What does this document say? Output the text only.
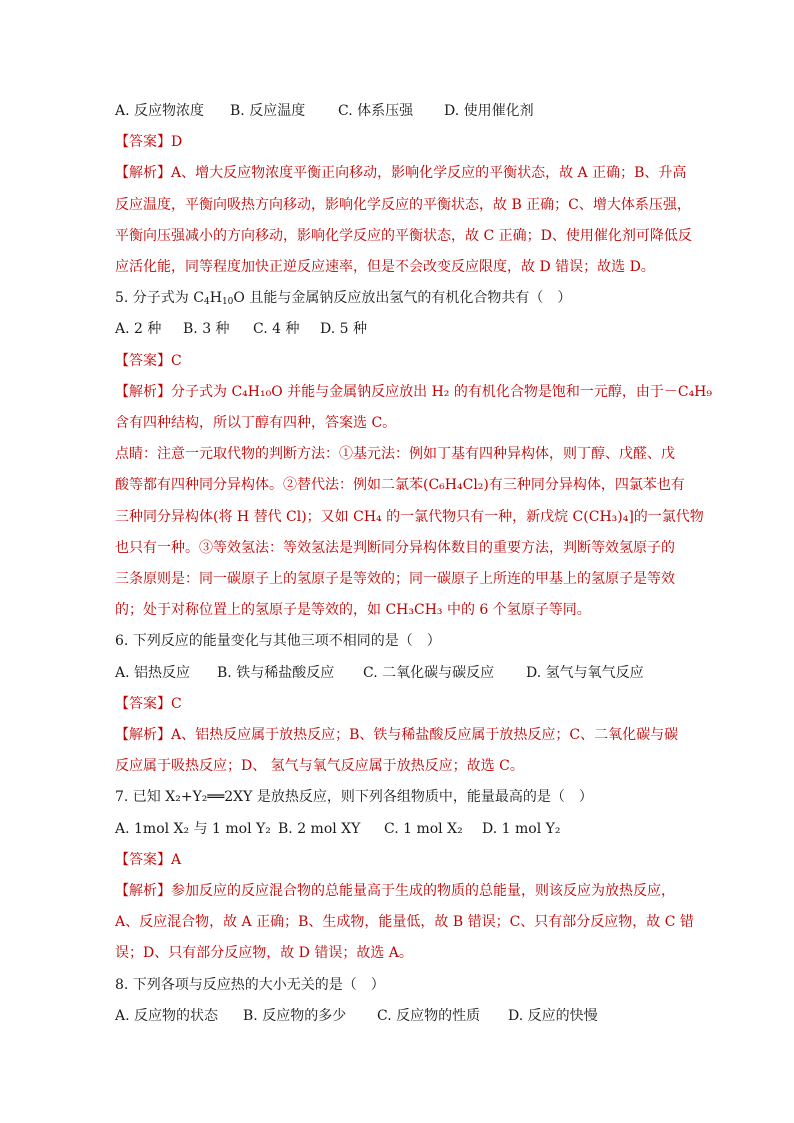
A. 反应物浓度 B. 反应温度 C. 体系压强 D. 使用催化剂
【答案】D
【解析】A、增大反应物浓度平衡正向移动，影响化学反应的平衡状态，故 A 正确；B、升高
反应温度，平衡向吸热方向移动，影响化学反应的平衡状态，故 B 正确；C、增大体系压强，
平衡向压强减小的方向移动，影响化学反应的平衡状态，故 C 正确；D、使用催化剂可降低反
应活化能，同等程度加快正逆反应速率，但是不会改变反应限度，故 D 错误；故选 D。
5. 分子式为 $C_4H_{10}O$ 且能与金属钠反应放出氢气的有机化合物共有（　）
A. 2 种 B. 3 种 C. 4 种 D. 5 种
【答案】C
【解析】分子式为 C₄H₁₀O 并能与金属钠反应放出 H₂ 的有机化合物是饱和一元醇，由于－C₄H₉
含有四种结构，所以丁醇有四种，答案选 C。
点睛：注意一元取代物的判断方法：①基元法：例如丁基有四种异构体，则丁醇、戊醛、戊
酸等都有四种同分异构体。②替代法：例如二氯苯(C₆H₄Cl₂)有三种同分异构体，四氯苯也有
三种同分异构体(将 H 替代 Cl)；又如 CH₄ 的一氯代物只有一种，新戊烷 C(CH₃)₄]的一氯代物
也只有一种。③等效氢法：等效氢法是判断同分异构体数目的重要方法，判断等效氢原子的
三条原则是：同一碳原子上的氢原子是等效的；同一碳原子上所连的甲基上的氢原子是等效
的；处于对称位置上的氢原子是等效的，如 CH₃CH₃ 中的 6 个氢原子等同。
6. 下列反应的能量变化与其他三项不相同的是（　）
A. 铝热反应 B. 铁与稀盐酸反应 C. 二氧化碳与碳反应 D. 氢气与氧气反应
【答案】C
【解析】A、铝热反应属于放热反应；B、铁与稀盐酸反应属于放热反应；C、二氧化碳与碳
反应属于吸热反应；D、 氢气与氧气反应属于放热反应；故选 C。
7. 已知 X₂+Y₂══2XY 是放热反应，则下列各组物质中，能量最高的是（　）
A. 1mol X₂ 与 1 mol Y₂ B. 2 mol XY C. 1 mol X₂ D. 1 mol Y₂
【答案】A
【解析】参加反应的反应混合物的总能量高于生成的物质的总能量，则该反应为放热反应，
A、反应混合物，故 A 正确；B、生成物，能量低，故 B 错误；C、只有部分反应物，故 C 错
误；D、只有部分反应物，故 D 错误；故选 A。
8. 下列各项与反应热的大小无关的是（　）
A. 反应物的状态 B. 反应物的多少 C. 反应物的性质 D. 反应的快慢
